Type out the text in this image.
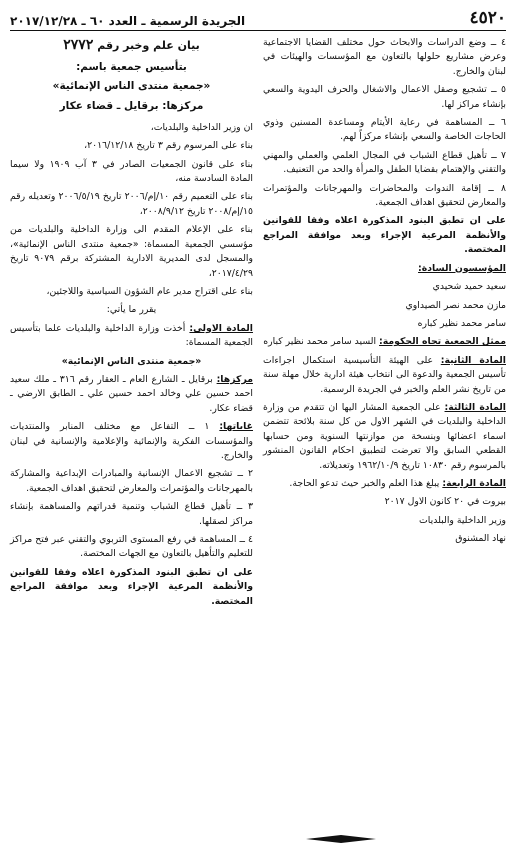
٤٥٢٠
الجريدة الرسمية ـ العدد ٦٠ ـ ٢٠١٧/١٢/٢٨

٤ ــ وضع الدراسات والابحاث حول مختلف القضايا الاجتماعية وعرض مشاريع حلولها بالتعاون مع المؤسسات والهيئات في لبنان والخارج.

٥ ــ تشجيع وصقل الاعمال والاشغال والحرف اليدوية والسعي بإنشاء مراكز لها.

٦ ــ المساهمة في رعاية الأيتام ومساعدة المسنين وذوي الحاجات الخاصة والسعي بإنشاء مركزاً لهم.

٧ ــ تأهيل قطاع الشباب في المجال العلمي والعملي والمهني والتقني والإهتمام بقضايا الطفل والمرأة والحد من التعنيف.

٨ ــ إقامة الندوات والمحاضرات والمهرجانات والمؤتمرات والمعارض لتحقيق اهداف الجمعية.

على ان تطبق البنود المذكورة اعلاه وفقا للقوانين والأنظمة المرعية الإجراء وبعد موافقة المراجع المختصة.

المؤسسون السادة:

سعيد حميد شحيدي

مازن محمد نصر الصيداوي

سامر محمد نظير كباره

ممثل الجمعية تجاه الحكومة: السيد سامر محمد نظير كباره

المادة الثانية: على الهيئة التأسيسية استكمال اجراءات تأسيس الجمعية والدعوة الى انتخاب هيئة ادارية خلال مهلة سنة من تاريخ نشر العلم والخبر في الجريدة الرسمية.

المادة الثالثة: على الجمعية المشار اليها ان تتقدم من وزارة الداخلية والبلديات في الشهر الاول من كل سنة بلائحة تتضمن اسماء اعضائها وبنسخة من موازنتها السنوية ومن حسابها القطعي السابق والا تعرضت لتطبيق احكام القانون المنشور بالمرسوم رقم ١٠٨٣٠ تاريخ ١٩٦٢/١٠/٩ وتعديلاته.

المادة الرابعة: يبلغ هذا العلم والخبر حيث تدعو الحاجة.

بيروت في ٢٠ كانون الاول ٢٠١٧

وزير الداخلية والبلديات

نهاد المشنوق

بيان علم وخبر رقم ٢٧٧٢

بتأسيس جمعية باسم:

«جمعية منتدى الناس الإنمائية»

مركزها: برقايل ـ قضاء عكار

ان وزير الداخلية والبلديات،

بناء على المرسوم رقم ٣ تاريخ ٢٠١٦/١٢/١٨،

بناء على قانون الجمعيات الصادر في ٣ آب ١٩٠٩ ولا سيما المادة السادسة منه،

بناء على التعميم رقم ١٠/إم/٢٠٠٦ تاريخ ٢٠٠٦/٥/١٩ وتعديله رقم ١٥/إم/٢٠٠٨ تاريخ ٢٠٠٨/٩/١٢،

بناء على الإعلام المقدم الى وزارة الداخلية والبلديات من مؤسسي الجمعية المسماة: «جمعية منتدى الناس الإنمائية»، والمسجل لدى المديرية الادارية المشتركة برقم ٩٠٧٩ تاريخ ٢٠١٧/٤/٢٩،

بناء على اقتراح مدير عام الشؤون السياسية واللاجئين،

يقرر ما يأتي:

المادة الاولى: أخذت وزارة الداخلية والبلديات علما بتأسيس الجمعية المسماة:

«جمعية منتدى الناس الإنمائية»

مركزها: برقايل ـ الشارع العام ـ العقار رقم ٣١٦ ـ ملك سعيد احمد حسين علي وخالد احمد حسين علي ـ الطابق الارضي ـ قضاء عكار.

غاياتها: ١ ــ التفاعل مع مختلف المنابر والمنتديات والمؤسسات الفكرية والإنمائية والإعلامية والإنسانية في لبنان والخارج.

٢ ــ تشجيع الاعمال الإنسانية والمبادرات الإبداعية والمشاركة بالمهرجانات والمؤتمرات والمعارض لتحقيق اهداف الجمعية.

٣ ــ تأهيل قطاع الشباب وتنمية قدراتهم والمساهمة بإنشاء مراكز لصقلها.

٤ ــ المساهمة في رفع المستوى التربوي والتقني عبر فتح مراكز للتعليم والتأهيل بالتعاون مع الجهات المختصة.

على ان تطبق البنود المذكورة اعلاه وفقا للقوانين والأنظمة المرعية الإجراء وبعد موافقة المراجع المختصة.
